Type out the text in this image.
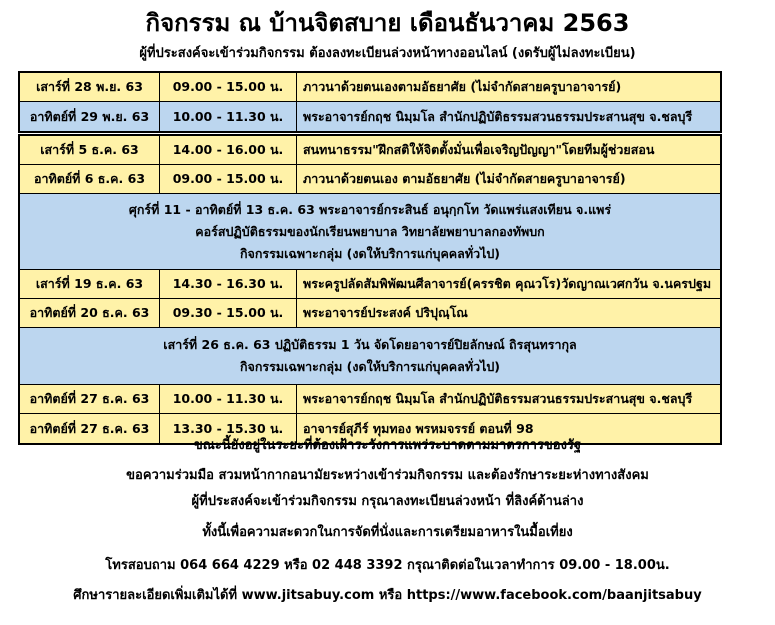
กิจกรรม ณ บ้านจิตสบาย เดือนธันวาคม 2563
ผู้ที่ประสงค์จะเข้าร่วมกิจกรรม ต้องลงทะเบียนล่วงหน้าทางออนไลน์ (งดรับผู้ไม่ลงทะเบียน)
เสาร์ที่ 28 พ.ย. 63	09.00 - 15.00 น.	ภาวนาด้วยตนเองตามอัธยาศัย (ไม่จำกัดสายครูบาอาจารย์)
อาทิตย์ที่ 29 พ.ย. 63	10.00 - 11.30 น.	พระอาจารย์กฤช นิมฺมโล สำนักปฏิบัติธรรมสวนธรรมประสานสุข จ.ชลบุรี
เสาร์ที่ 5 ธ.ค. 63	14.00 - 16.00 น.	สนทนาธรรม"ฝึกสติให้จิตตั้งมั่นเพื่อเจริญปัญญา"โดยทีมผู้ช่วยสอน
อาทิตย์ที่ 6 ธ.ค. 63	09.00 - 15.00 น.	ภาวนาด้วยตนเอง ตามอัธยาศัย (ไม่จำกัดสายครูบาอาจารย์)
ศุกร์ที่ 11 - อาทิตย์ที่ 13 ธ.ค. 63 พระอาจารย์กระสินธ์ อนุกฺกโท วัดแพร่แสงเทียน จ.แพร่
คอร์สปฏิบัติธรรมของนักเรียนพยาบาล วิทยาลัยพยาบาลกองทัพบก
กิจกรรมเฉพาะกลุ่ม (งดให้บริการแก่บุคคลทั่วไป)
เสาร์ที่ 19 ธ.ค. 63	14.30 - 16.30 น.	พระครูปลัดสัมพิพัฒนศีลาจารย์(ครรชิต คุณวโร)วัดญาณเวศกวัน จ.นครปฐม
อาทิตย์ที่ 20 ธ.ค. 63	09.30 - 15.00 น.	พระอาจารย์ประสงค์ ปริปุณฺโณ
เสาร์ที่ 26 ธ.ค. 63 ปฏิบัติธรรม 1 วัน จัดโดยอาจารย์ปิยลักษณ์ ถิรสุนทรากุล
กิจกรรมเฉพาะกลุ่ม (งดให้บริการแก่บุคคลทั่วไป)
อาทิตย์ที่ 27 ธ.ค. 63	10.00 - 11.30 น.	พระอาจารย์กฤช นิมฺมโล สำนักปฏิบัติธรรมสวนธรรมประสานสุข จ.ชลบุรี
อาทิตย์ที่ 27 ธ.ค. 63	13.30 - 15.30 น.	อาจารย์สุภีร์ ทุมทอง พรหมจรรย์ ตอนที่ 98
ขณะนี้ยังอยู่ในระยะที่ต้องเฝ้าระวังการแพร่ระบาดตามมาตรการของรัฐ
ขอความร่วมมือ สวมหน้ากากอนามัยระหว่างเข้าร่วมกิจกรรม และต้องรักษาระยะห่างทางสังคม
ผู้ที่ประสงค์จะเข้าร่วมกิจกรรม กรุณาลงทะเบียนล่วงหน้า ที่ลิงค์ด้านล่าง
ทั้งนี้เพื่อความสะดวกในการจัดที่นั่งและการเตรียมอาหารในมื้อเที่ยง
โทรสอบถาม 064 664 4229 หรือ 02 448 3392 กรุณาติดต่อในเวลาทำการ 09.00 - 18.00น.
ศึกษารายละเอียดเพิ่มเติมได้ที่ www.jitsabuy.com หรือ https://www.facebook.com/baanjitsabuy
